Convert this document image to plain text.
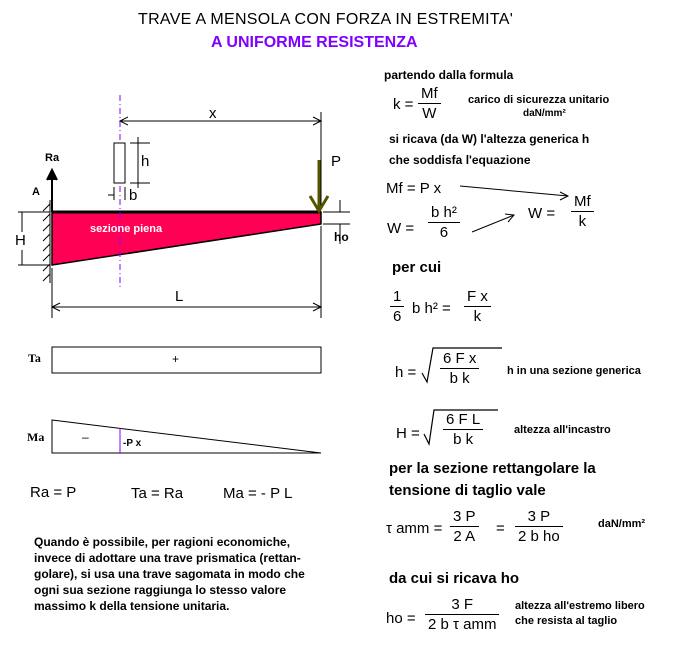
TRAVE A MENSOLA CON FORZA IN ESTREMITA'
A UNIFORME RESISTENZA
A
Ra
H
x
h
b
P
ho
L
sezione piena
Ta	+
Ma	–	-P x
Ra = P	Ta = Ra	Ma = - P L
Quando è possibile, per ragioni economiche,
invece di adottare una trave prismatica (rettan-
golare), si usa una trave sagomata in modo che
ogni sua sezione raggiunga lo stesso valore
massimo k della tensione unitaria.
partendo dalla formula
$k = \frac{Mf}{W}$ carico di sicurezza unitario
daN/mm²
si ricava (da W) l'altezza generica h
che soddisfa l'equazione
Mf = P x
$W = \frac{\text{b h²}}{6}$	$W = \frac{Mf}{k}$
per cui
$\frac{1}{6}$ b $h^2 = \frac{\text{F x}}{k}$
$h = \frac{\text{6 F x}}{\text{b k}}$	h in una sezione generica
$H = \frac{\text{6 F L}}{\text{b k}}$	altezza all'incastro
per la sezione rettangolare la
tensione di taglio vale
τ amm = $\frac{3 P}{2 A} = \frac{3 P}{\text{2 b ho}}$	daN/mm²
da cui si ricava ho
ho =
3 F
2 b τ amm
altezza all'estremo libero
che resista al taglio
